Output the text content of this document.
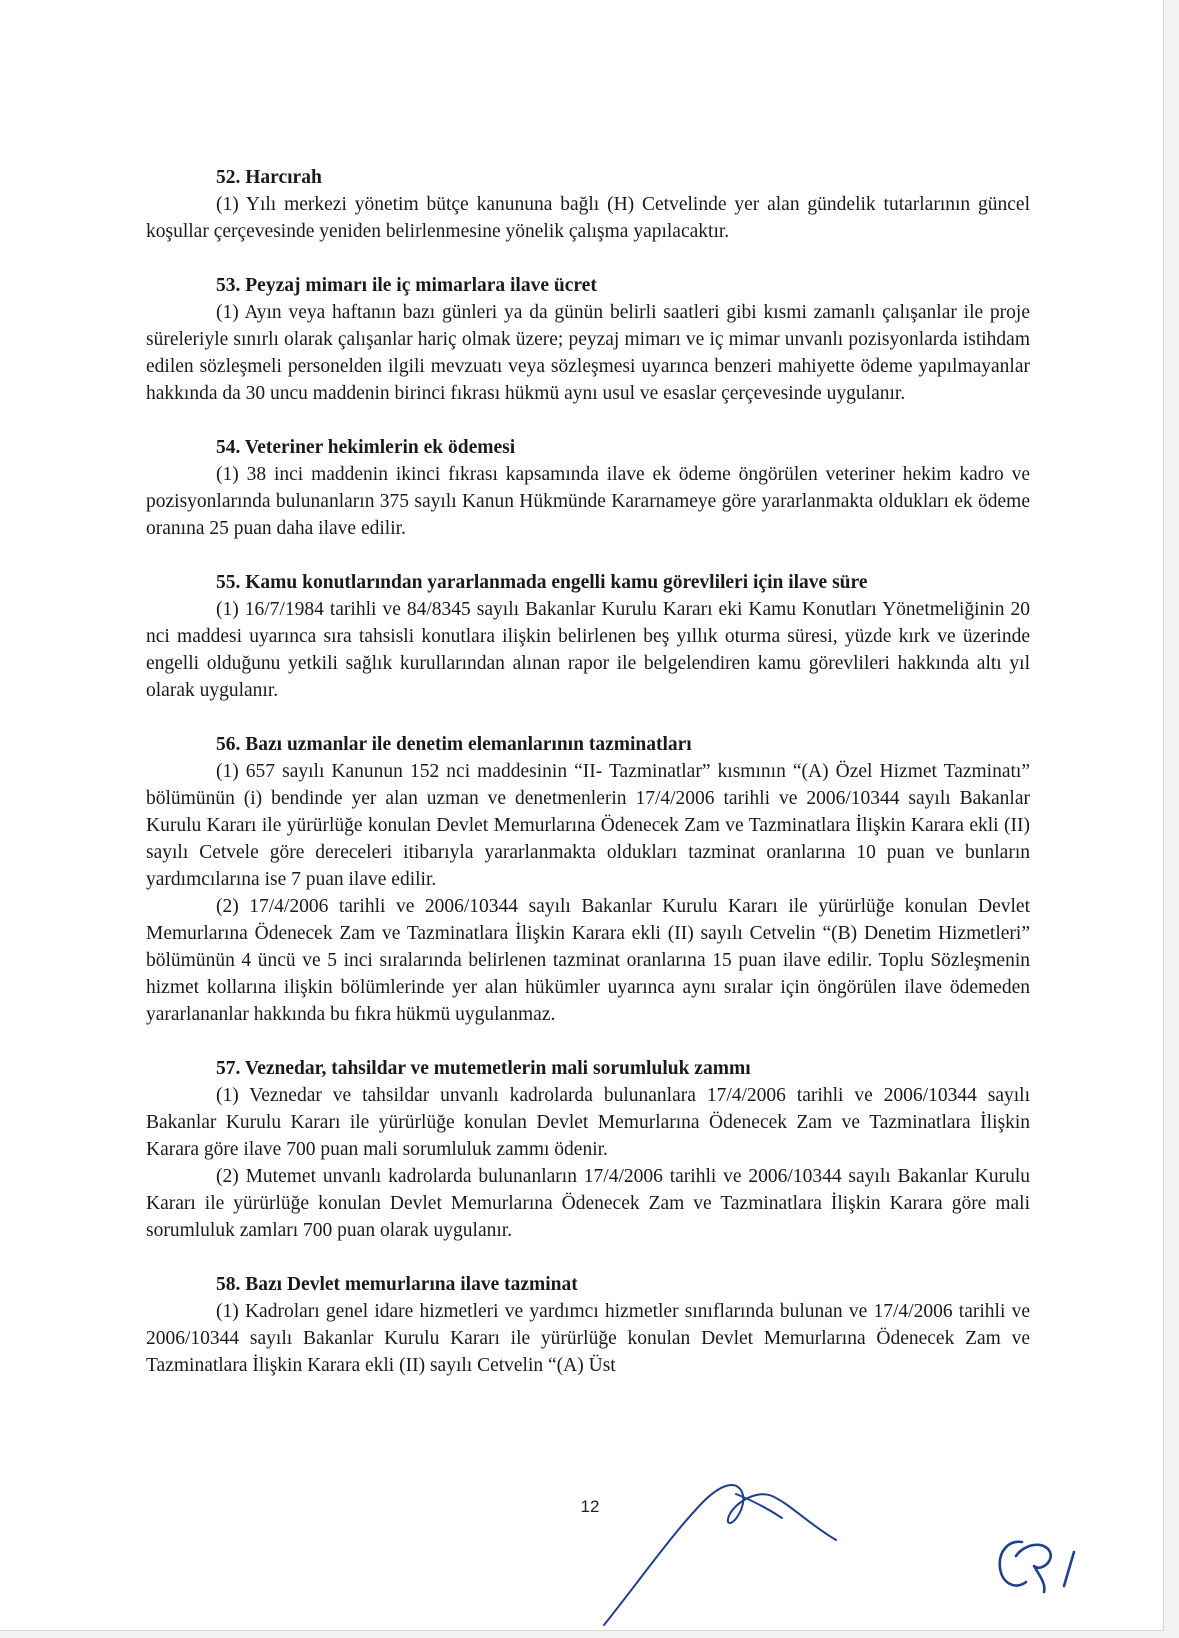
52. Harcırah

(1) Yılı merkezi yönetim bütçe kanununa bağlı (H) Cetvelinde yer alan gündelik tutarlarının güncel koşullar çerçevesinde yeniden belirlenmesine yönelik çalışma yapılacaktır.

53. Peyzaj mimarı ile iç mimarlara ilave ücret

(1) Ayın veya haftanın bazı günleri ya da günün belirli saatleri gibi kısmi zamanlı çalışanlar ile proje süreleriyle sınırlı olarak çalışanlar hariç olmak üzere; peyzaj mimarı ve iç mimar unvanlı pozisyonlarda istihdam edilen sözleşmeli personelden ilgili mevzuatı veya sözleşmesi uyarınca benzeri mahiyette ödeme yapılmayanlar hakkında da 30 uncu maddenin birinci fıkrası hükmü aynı usul ve esaslar çerçevesinde uygulanır.

54. Veteriner hekimlerin ek ödemesi

(1) 38 inci maddenin ikinci fıkrası kapsamında ilave ek ödeme öngörülen veteriner hekim kadro ve pozisyonlarında bulunanların 375 sayılı Kanun Hükmünde Kararnameye göre yararlanmakta oldukları ek ödeme oranına 25 puan daha ilave edilir.

55. Kamu konutlarından yararlanmada engelli kamu görevlileri için ilave süre

(1) 16/7/1984 tarihli ve 84/8345 sayılı Bakanlar Kurulu Kararı eki Kamu Konutları Yönetmeliğinin 20 nci maddesi uyarınca sıra tahsisli konutlara ilişkin belirlenen beş yıllık oturma süresi, yüzde kırk ve üzerinde engelli olduğunu yetkili sağlık kurullarından alınan rapor ile belgelendiren kamu görevlileri hakkında altı yıl olarak uygulanır.

56. Bazı uzmanlar ile denetim elemanlarının tazminatları

(1) 657 sayılı Kanunun 152 nci maddesinin “II- Tazminatlar” kısmının “(A) Özel Hizmet Tazminatı” bölümünün (i) bendinde yer alan uzman ve denetmenlerin 17/4/2006 tarihli ve 2006/10344 sayılı Bakanlar Kurulu Kararı ile yürürlüğe konulan Devlet Memurlarına Ödenecek Zam ve Tazminatlara İlişkin Karara ekli (II) sayılı Cetvele göre dereceleri itibarıyla yararlanmakta oldukları tazminat oranlarına 10 puan ve bunların yardımcılarına ise 7 puan ilave edilir.

(2) 17/4/2006 tarihli ve 2006/10344 sayılı Bakanlar Kurulu Kararı ile yürürlüğe konulan Devlet Memurlarına Ödenecek Zam ve Tazminatlara İlişkin Karara ekli (II) sayılı Cetvelin “(B) Denetim Hizmetleri” bölümünün 4 üncü ve 5 inci sıralarında belirlenen tazminat oranlarına 15 puan ilave edilir. Toplu Sözleşmenin hizmet kollarına ilişkin bölümlerinde yer alan hükümler uyarınca aynı sıralar için öngörülen ilave ödemeden yararlananlar hakkında bu fıkra hükmü uygulanmaz.

57. Veznedar, tahsildar ve mutemetlerin mali sorumluluk zammı

(1) Veznedar ve tahsildar unvanlı kadrolarda bulunanlara 17/4/2006 tarihli ve 2006/10344 sayılı Bakanlar Kurulu Kararı ile yürürlüğe konulan Devlet Memurlarına Ödenecek Zam ve Tazminatlara İlişkin Karara göre ilave 700 puan mali sorumluluk zammı ödenir.

(2) Mutemet unvanlı kadrolarda bulunanların 17/4/2006 tarihli ve 2006/10344 sayılı Bakanlar Kurulu Kararı ile yürürlüğe konulan Devlet Memurlarına Ödenecek Zam ve Tazminatlara İlişkin Karara göre mali sorumluluk zamları 700 puan olarak uygulanır.

58. Bazı Devlet memurlarına ilave tazminat

(1) Kadroları genel idare hizmetleri ve yardımcı hizmetler sınıflarında bulunan ve 17/4/2006 tarihli ve 2006/10344 sayılı Bakanlar Kurulu Kararı ile yürürlüğe konulan Devlet Memurlarına Ödenecek Zam ve Tazminatlara İlişkin Karara ekli (II) sayılı Cetvelin “(A) Üst

12
